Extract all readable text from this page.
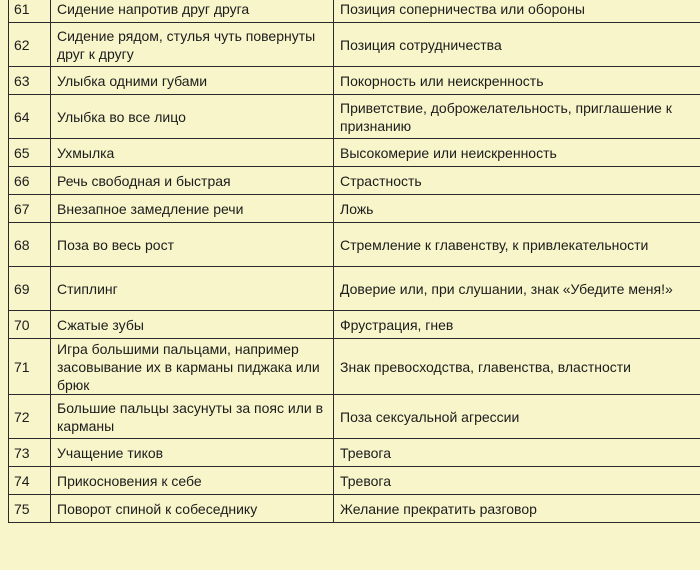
61	Сидение напротив друг друга	Позиция соперничества или обороны
62	Сидение рядом, стулья чуть повернуты друг к другу	Позиция сотрудничества
63	Улыбка одними губами	Покорность или неискренность
64	Улыбка во все лицо	Приветствие, доброжелательность, приглашение к признанию
65	Ухмылка	Высокомерие или неискренность
66	Речь свободная и быстрая	Страстность
67	Внезапное замедление речи	Ложь
68	Поза во весь рост	Стремление к главенству, к привлекательности
69	Стиплинг	Доверие или, при слушании, знак «Убедите меня!»
70	Сжатые зубы	Фрустрация, гнев
71	Игра большими пальцами, например засовывание их в карманы пиджака или брюк	Знак превосходства, главенства, властности
72	Большие пальцы засунуты за пояс или в карманы	Поза сексуальной агрессии
73	Учащение тиков	Тревога
74	Прикосновения к себе	Тревога
75	Поворот спиной к собеседнику	Желание прекратить разговор
